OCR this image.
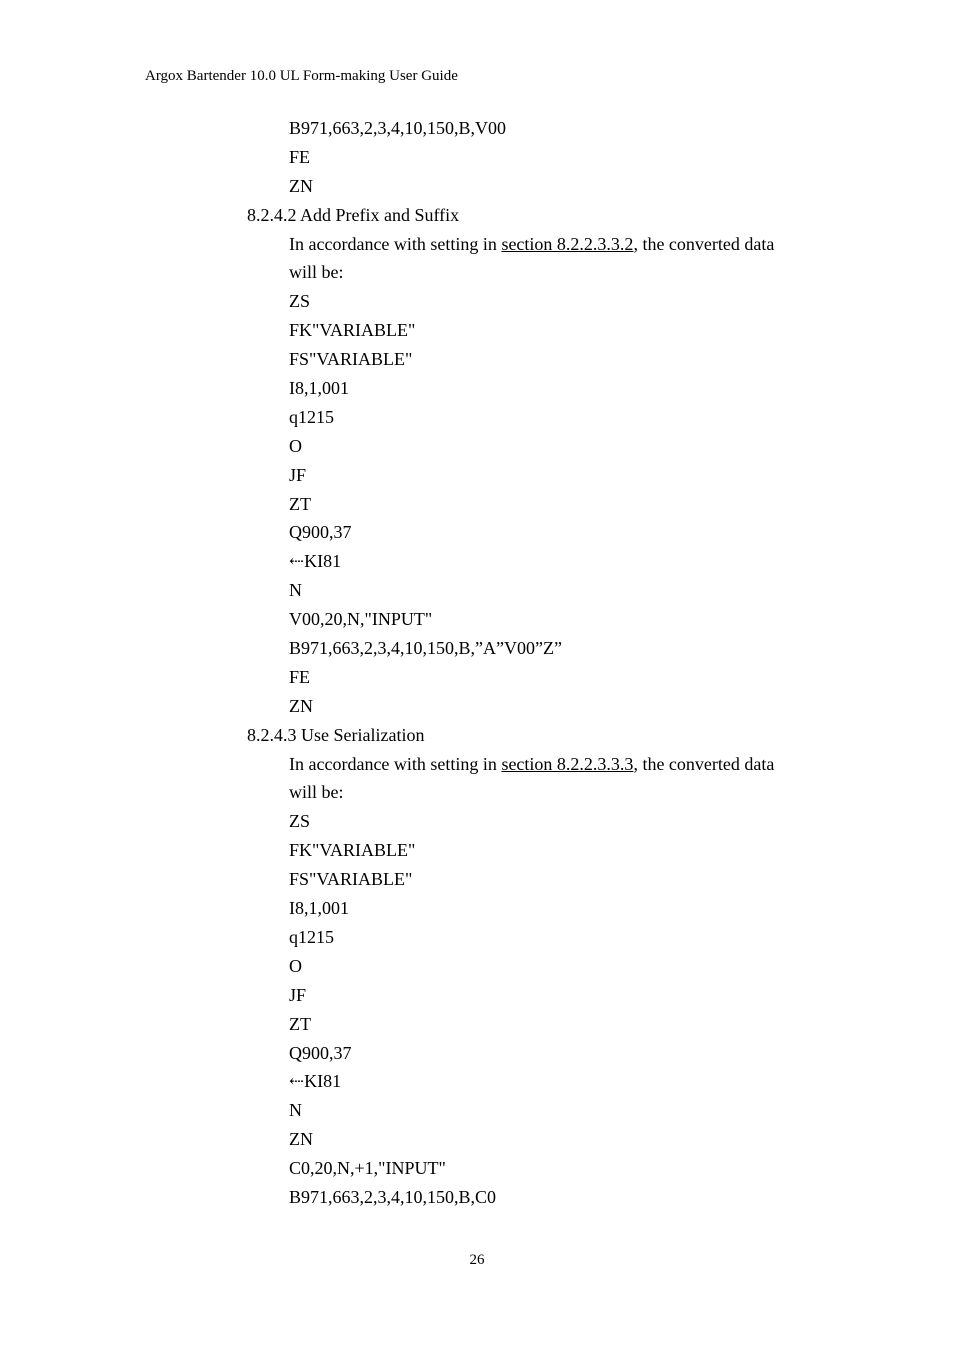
Argox Bartender 10.0 UL Form-making User Guide
B971,663,2,3,4,10,150,B,V00
FE
ZN
8.2.4.2 Add Prefix and Suffix
In accordance with setting in section 8.2.2.3.3.2, the converted data
will be:
ZS
FK"VARIABLE"
FS"VARIABLE"
I8,1,001
q1215
O
JF
ZT
Q900,37
⇠KI81
N
V00,20,N,"INPUT"
B971,663,2,3,4,10,150,B,”A”V00”Z”
FE
ZN
8.2.4.3 Use Serialization
In accordance with setting in section 8.2.2.3.3.3, the converted data
will be:
ZS
FK"VARIABLE"
FS"VARIABLE"
I8,1,001
q1215
O
JF
ZT
Q900,37
⇠KI81
N
ZN
C0,20,N,+1,"INPUT"
B971,663,2,3,4,10,150,B,C0
26
